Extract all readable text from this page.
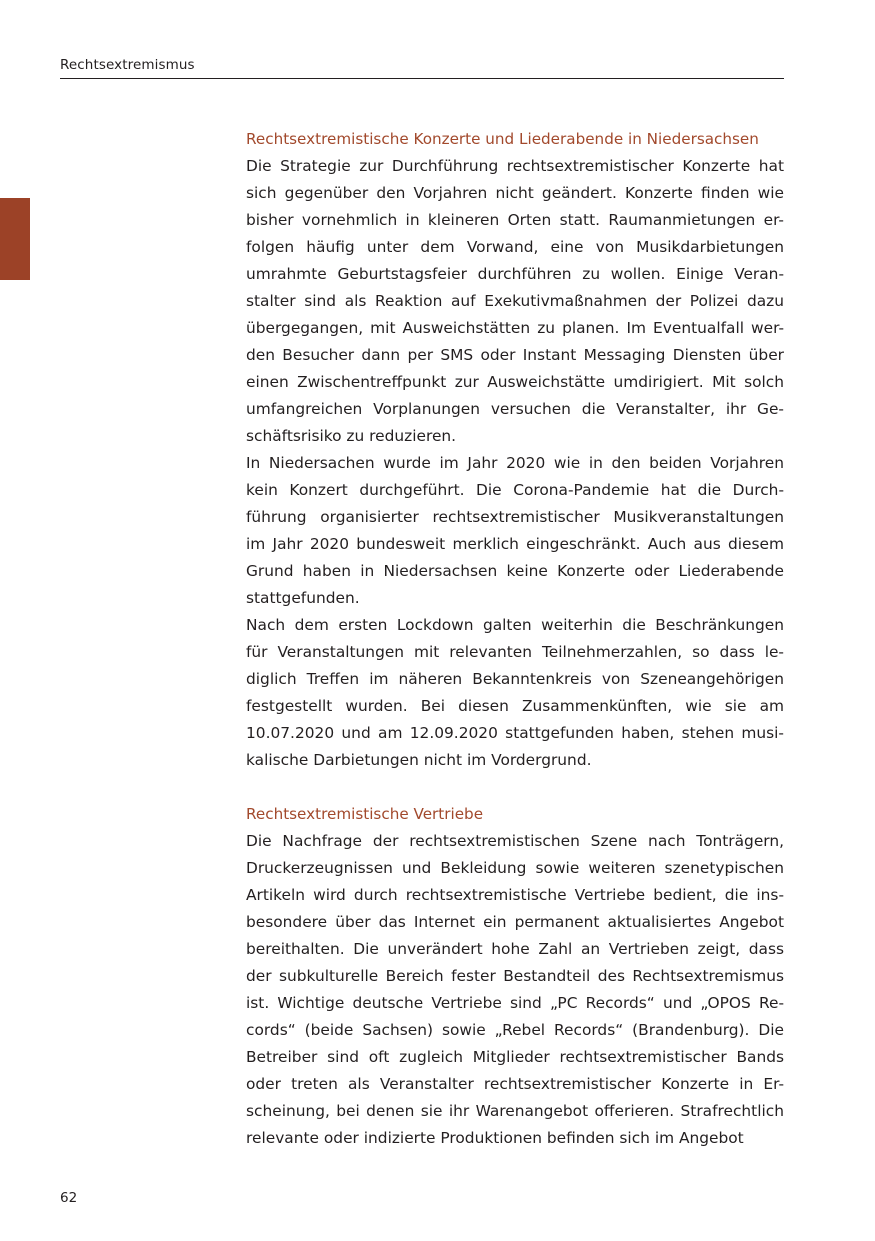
Rechtsextremismus
Rechtsextremistische Konzerte und Liederabende in Niedersachsen
Die Strategie zur Durchführung rechtsextremistischer Konzerte hat
sich gegenüber den Vorjahren nicht geändert. Konzerte finden wie
bisher vornehmlich in kleineren Orten statt. Raumanmietungen er-
folgen häufig unter dem Vorwand, eine von Musikdarbietungen
umrahmte Geburtstagsfeier durchführen zu wollen. Einige Veran-
stalter sind als Reaktion auf Exekutivmaßnahmen der Polizei dazu
übergegangen, mit Ausweichstätten zu planen. Im Eventualfall wer-
den Besucher dann per SMS oder Instant Messaging Diensten über
einen Zwischentreffpunkt zur Ausweichstätte umdirigiert. Mit solch
umfangreichen Vorplanungen versuchen die Veranstalter, ihr Ge-
schäftsrisiko zu reduzieren.
In Niedersachen wurde im Jahr 2020 wie in den beiden Vorjahren
kein Konzert durchgeführt. Die Corona-Pandemie hat die Durch-
führung organisierter rechtsextremistischer Musikveranstaltungen
im Jahr 2020 bundesweit merklich eingeschränkt. Auch aus diesem
Grund haben in Niedersachsen keine Konzerte oder Liederabende
stattgefunden.
Nach dem ersten Lockdown galten weiterhin die Beschränkungen
für Veranstaltungen mit relevanten Teilnehmerzahlen, so dass le-
diglich Treffen im näheren Bekanntenkreis von Szeneangehörigen
festgestellt wurden. Bei diesen Zusammenkünften, wie sie am
10.07.2020 und am 12.09.2020 stattgefunden haben, stehen musi-
kalische Darbietungen nicht im Vordergrund.
Rechtsextremistische Vertriebe
Die Nachfrage der rechtsextremistischen Szene nach Tonträgern,
Druckerzeugnissen und Bekleidung sowie weiteren szenetypischen
Artikeln wird durch rechtsextremistische Vertriebe bedient, die ins-
besondere über das Internet ein permanent aktualisiertes Angebot
bereithalten. Die unverändert hohe Zahl an Vertrieben zeigt, dass
der subkulturelle Bereich fester Bestandteil des Rechtsextremismus
ist. Wichtige deutsche Vertriebe sind „PC Records“ und „OPOS Re-
cords“ (beide Sachsen) sowie „Rebel Records“ (Brandenburg). Die
Betreiber sind oft zugleich Mitglieder rechtsextremistischer Bands
oder treten als Veranstalter rechtsextremistischer Konzerte in Er-
scheinung, bei denen sie ihr Warenangebot offerieren. Strafrechtlich
relevante oder indizierte Produktionen befinden sich im Angebot
62
